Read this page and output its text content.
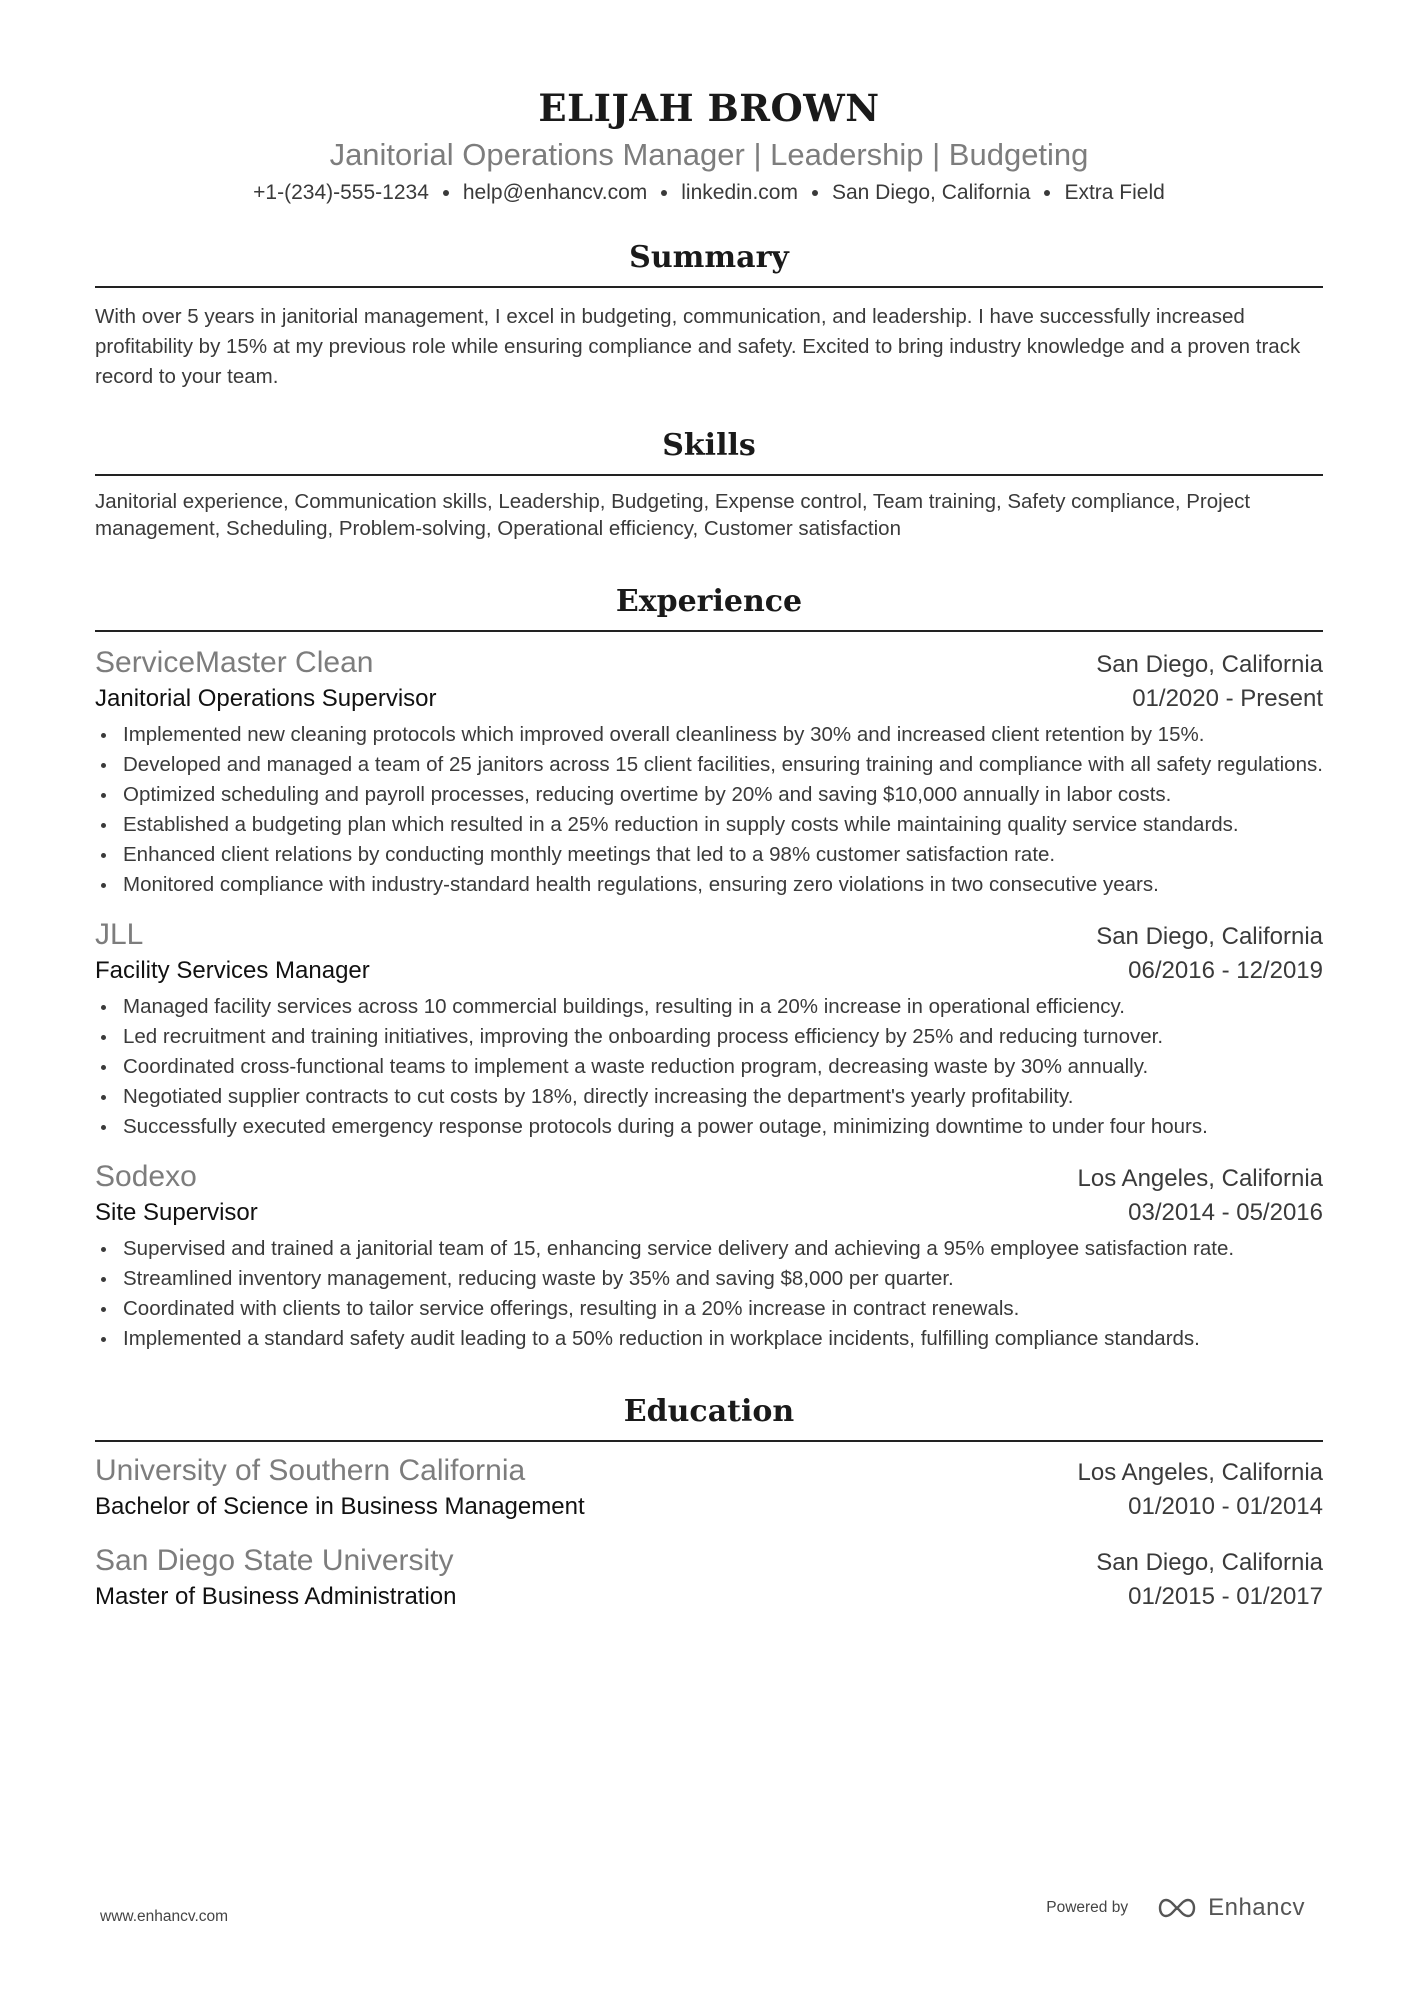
ELIJAH BROWN
Janitorial Operations Manager | Leadership | Budgeting
+1-(234)-555-1234 help@enhancv.com linkedin.com San Diego, California Extra Field
Summary
With over 5 years in janitorial management, I excel in budgeting, communication, and leadership. I have successfully increased profitability by 15% at my previous role while ensuring compliance and safety. Excited to bring industry knowledge and a proven track record to your team.
Skills
Janitorial experience, Communication skills, Leadership, Budgeting, Expense control, Team training, Safety compliance, Project management, Scheduling, Problem-solving, Operational efficiency, Customer satisfaction
Experience
ServiceMaster Clean	San Diego, California
Janitorial Operations Supervisor	01/2020 - Present
Implemented new cleaning protocols which improved overall cleanliness by 30% and increased client retention by 15%.
Developed and managed a team of 25 janitors across 15 client facilities, ensuring training and compliance with all safety regulations.
Optimized scheduling and payroll processes, reducing overtime by 20% and saving $10,000 annually in labor costs.
Established a budgeting plan which resulted in a 25% reduction in supply costs while maintaining quality service standards.
Enhanced client relations by conducting monthly meetings that led to a 98% customer satisfaction rate.
Monitored compliance with industry-standard health regulations, ensuring zero violations in two consecutive years.
JLL	San Diego, California
Facility Services Manager	06/2016 - 12/2019
Managed facility services across 10 commercial buildings, resulting in a 20% increase in operational efficiency.
Led recruitment and training initiatives, improving the onboarding process efficiency by 25% and reducing turnover.
Coordinated cross-functional teams to implement a waste reduction program, decreasing waste by 30% annually.
Negotiated supplier contracts to cut costs by 18%, directly increasing the department's yearly profitability.
Successfully executed emergency response protocols during a power outage, minimizing downtime to under four hours.
Sodexo	Los Angeles, California
Site Supervisor	03/2014 - 05/2016
Supervised and trained a janitorial team of 15, enhancing service delivery and achieving a 95% employee satisfaction rate.
Streamlined inventory management, reducing waste by 35% and saving $8,000 per quarter.
Coordinated with clients to tailor service offerings, resulting in a 20% increase in contract renewals.
Implemented a standard safety audit leading to a 50% reduction in workplace incidents, fulfilling compliance standards.
Education
University of Southern California	Los Angeles, California
Bachelor of Science in Business Management	01/2010 - 01/2014
San Diego State University	San Diego, California
Master of Business Administration	01/2015 - 01/2017
www.enhancv.com
Powered by	Enhancv
